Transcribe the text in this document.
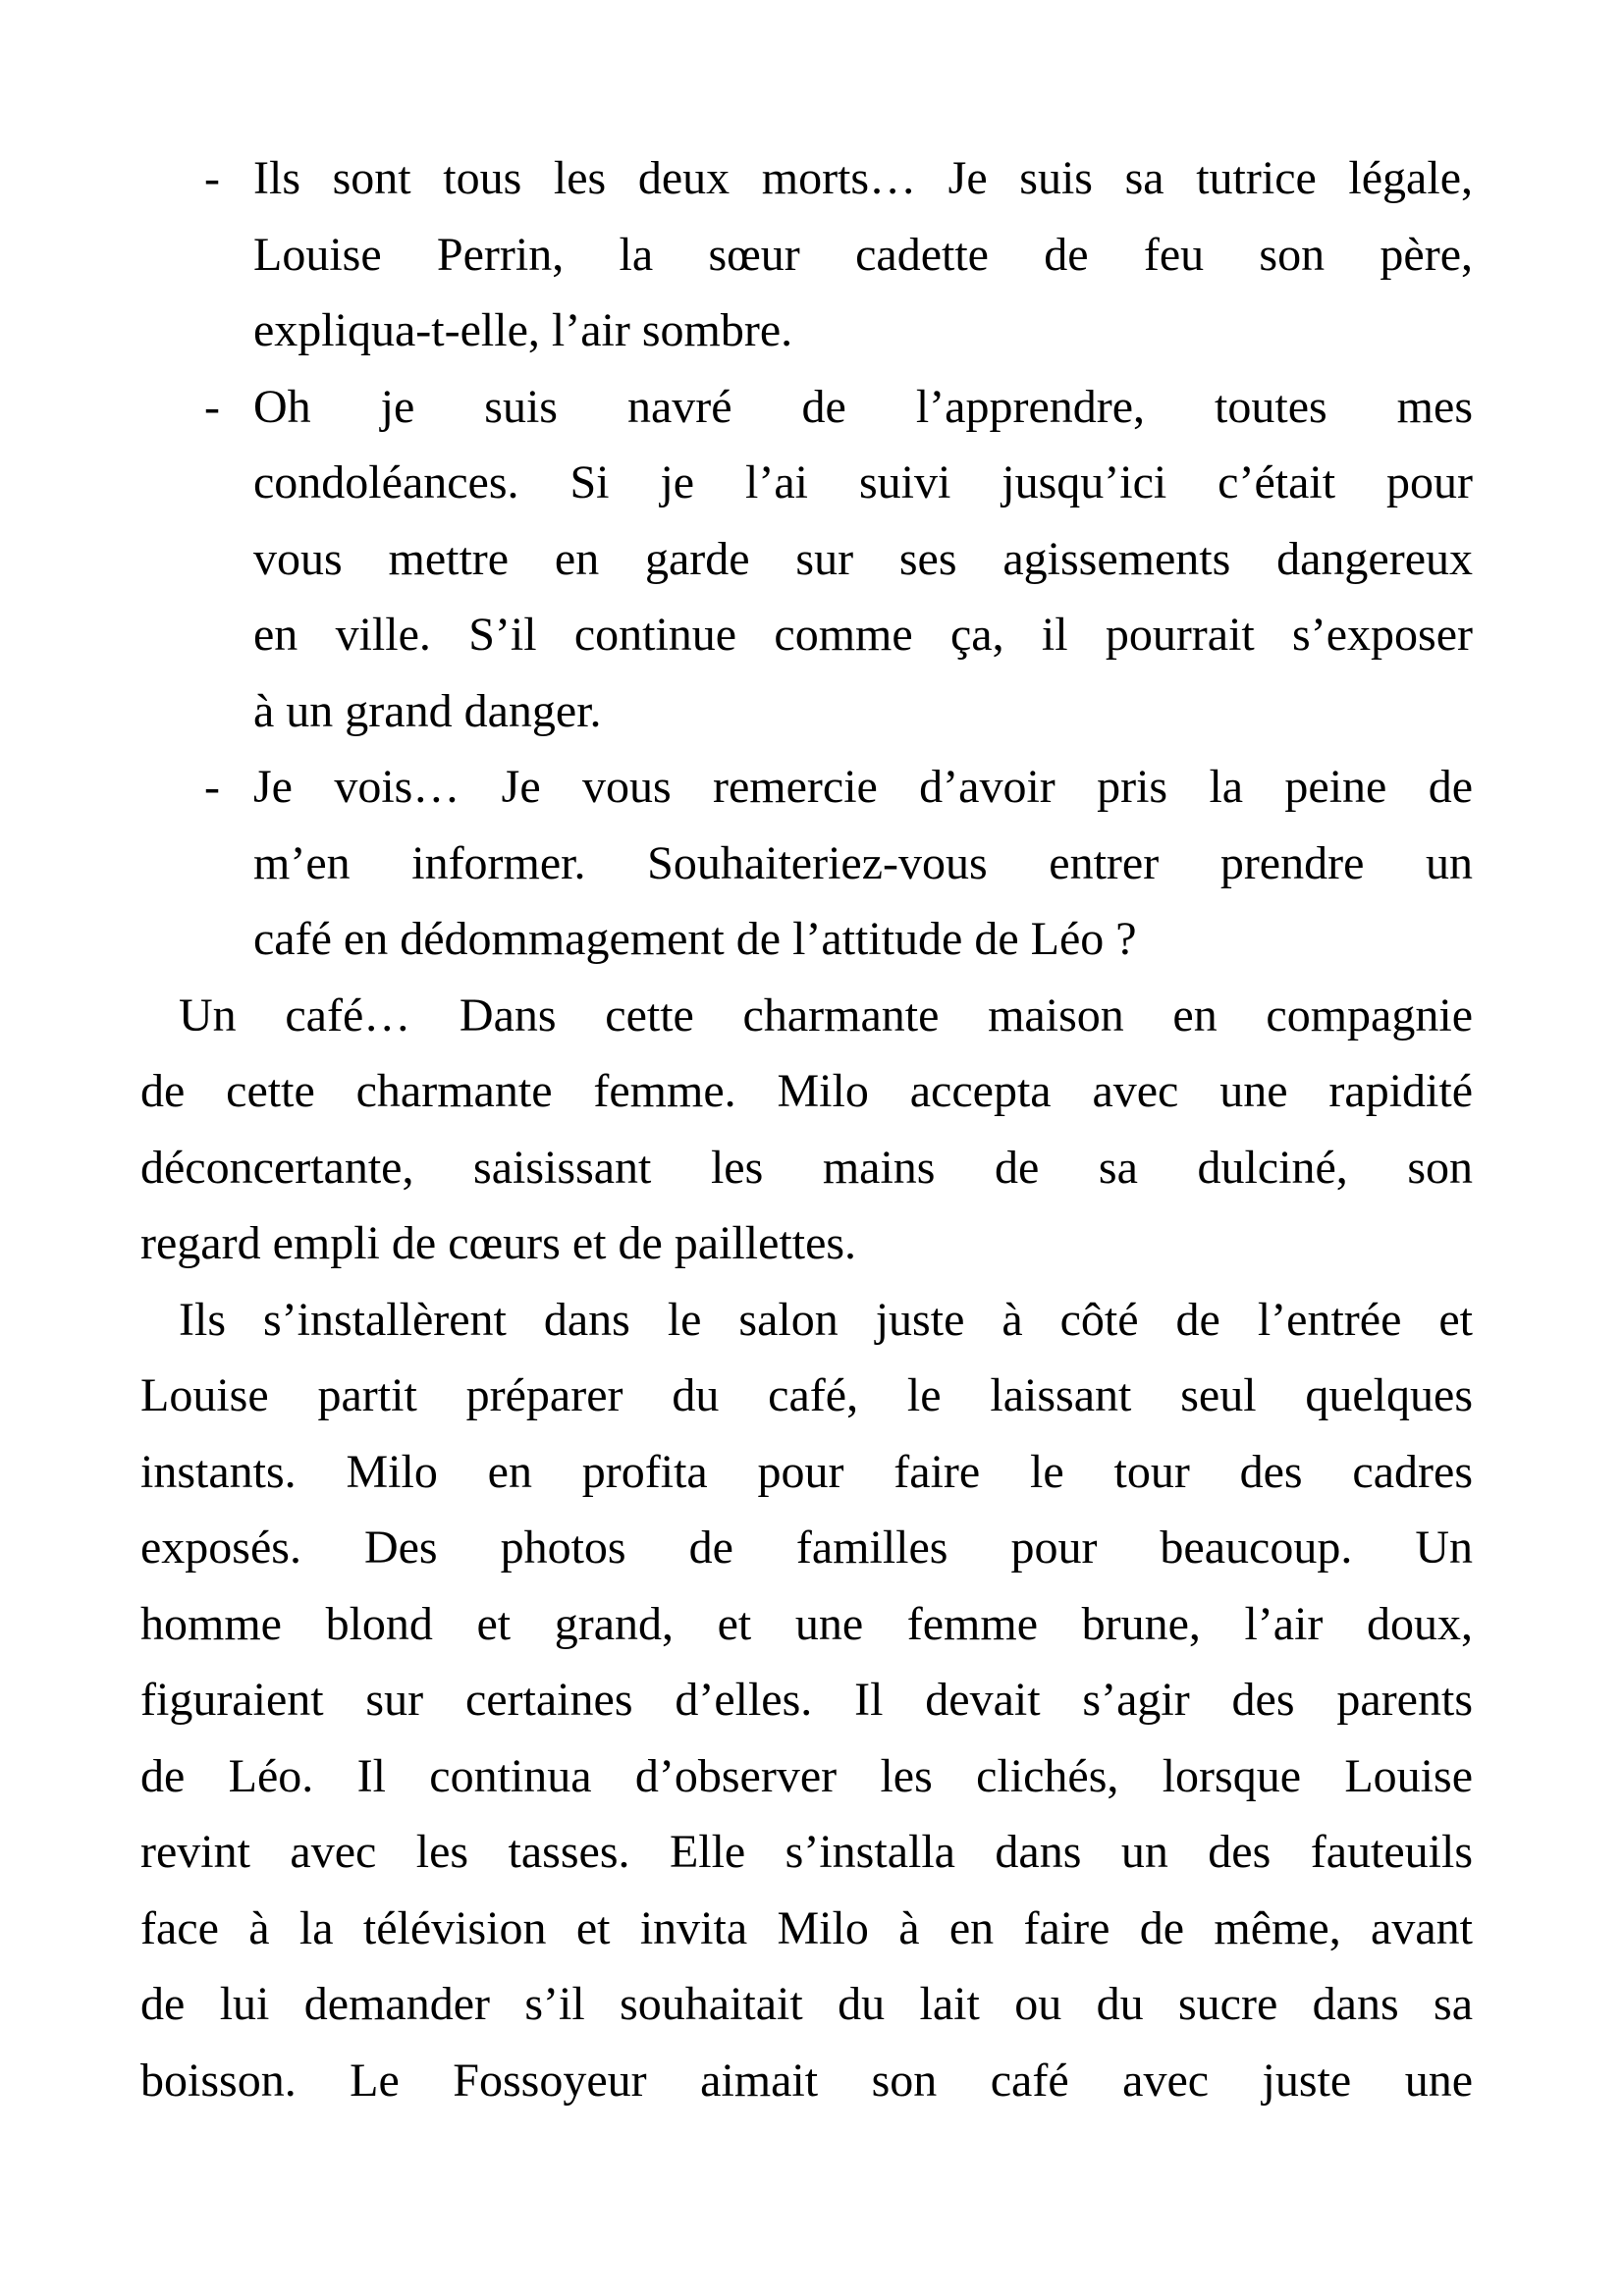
Ils sont tous les deux morts… Je suis sa tutrice légale,
-
Louise Perrin, la sœur cadette de feu son père,
expliqua-t-elle, l’air sombre.
Oh je suis navré de l’apprendre, toutes mes
-
condoléances. Si je l’ai suivi jusqu’ici c’était pour
vous mettre en garde sur ses agissements dangereux
en ville. S’il continue comme ça, il pourrait s’exposer
à un grand danger.
Je vois… Je vous remercie d’avoir pris la peine de
-
m’en informer. Souhaiteriez-vous entrer prendre un
café en dédommagement de l’attitude de Léo ?
Un café… Dans cette charmante maison en compagnie
de cette charmante femme. Milo accepta avec une rapidité
déconcertante, saisissant les mains de sa dulciné, son
regard empli de cœurs et de paillettes.
Ils s’installèrent dans le salon juste à côté de l’entrée et
Louise partit préparer du café, le laissant seul quelques
instants. Milo en profita pour faire le tour des cadres
exposés. Des photos de familles pour beaucoup. Un
homme blond et grand, et une femme brune, l’air doux,
figuraient sur certaines d’elles. Il devait s’agir des parents
de Léo. Il continua d’observer les clichés, lorsque Louise
revint avec les tasses. Elle s’installa dans un des fauteuils
face à la télévision et invita Milo à en faire de même, avant
de lui demander s’il souhaitait du lait ou du sucre dans sa
boisson. Le Fossoyeur aimait son café avec juste une
